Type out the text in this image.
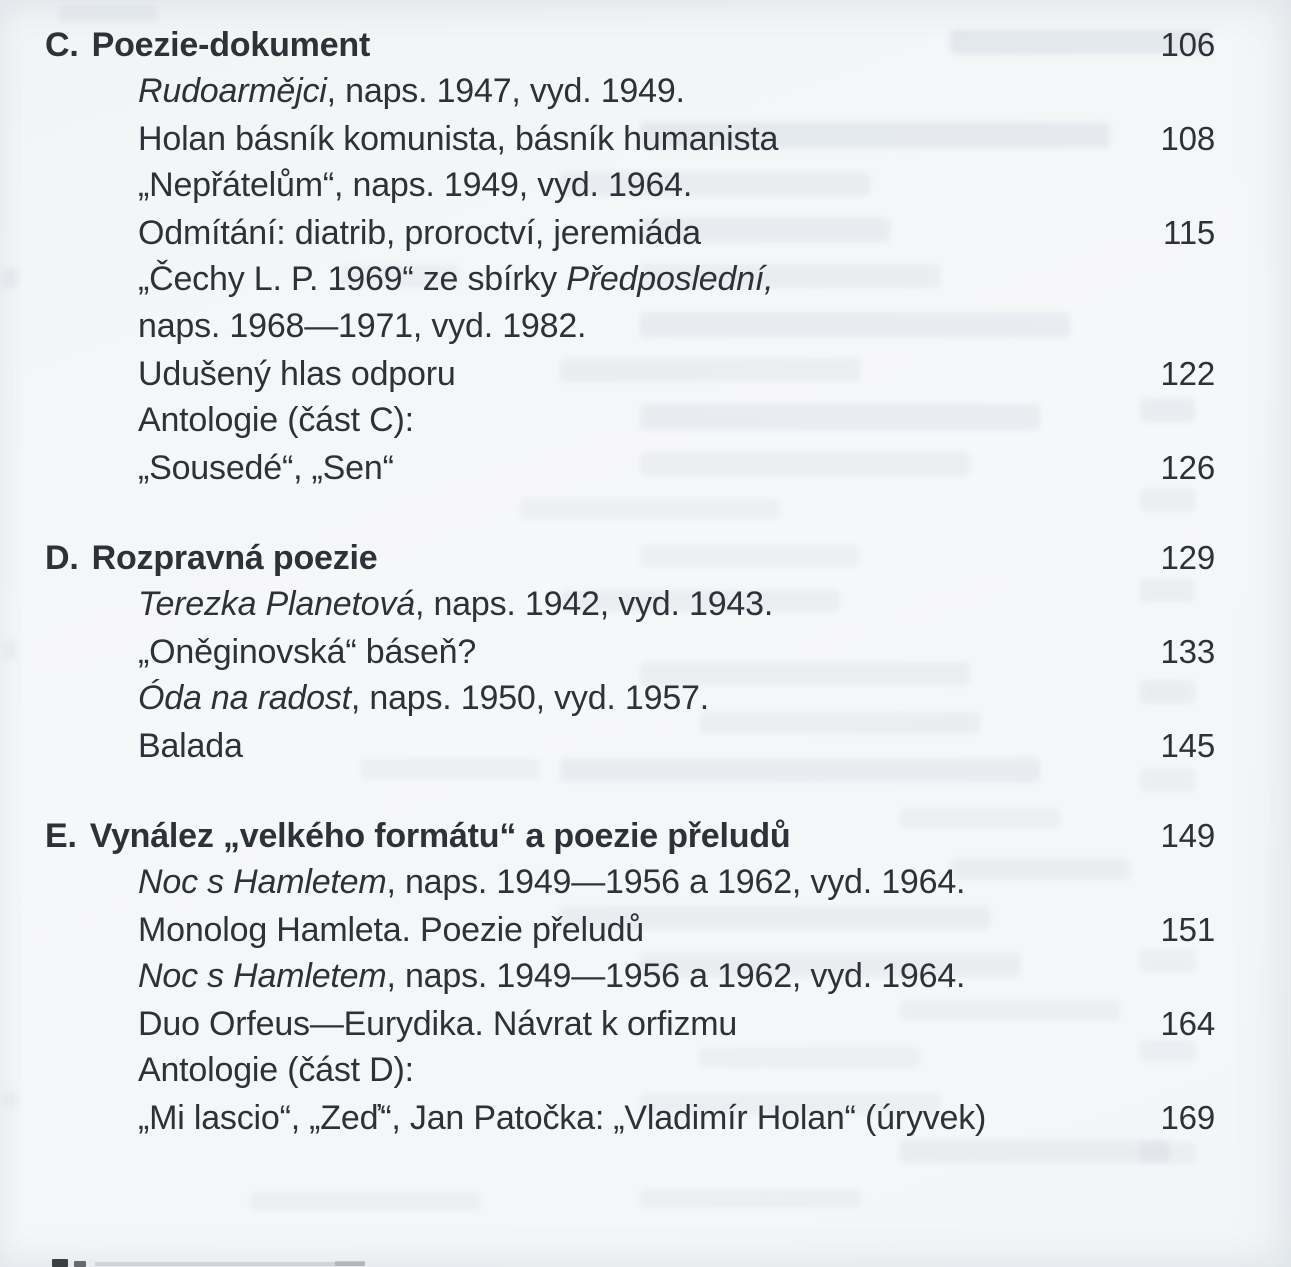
C. Poezie-dokument	106
Rudoarmějci, naps. 1947, vyd. 1949.
Holan básník komunista, básník humanista	108
„Nepřátelům“, naps. 1949, vyd. 1964.
Odmítání: diatrib, proroctví, jeremiáda	115
„Čechy L. P. 1969“ ze sbírky Předposlední,
naps. 1968—1971, vyd. 1982.
Udušený hlas odporu	122
Antologie (část C):
„Sousedé“, „Sen“	126
D. Rozpravná poezie	129
Terezka Planetová, naps. 1942, vyd. 1943.
„Oněginovská“ báseň?	133
Óda na radost, naps. 1950, vyd. 1957.
Balada	145
E. Vynález „velkého formátu“ a poezie přeludů	149
Noc s Hamletem, naps. 1949—1956 a 1962, vyd. 1964.
Monolog Hamleta. Poezie přeludů	151
Noc s Hamletem, naps. 1949—1956 a 1962, vyd. 1964.
Duo Orfeus—Eurydika. Návrat k orfizmu	164
Antologie (část D):
„Mi lascio“, „Zeď“, Jan Patočka: „Vladimír Holan“ (úryvek)	169
